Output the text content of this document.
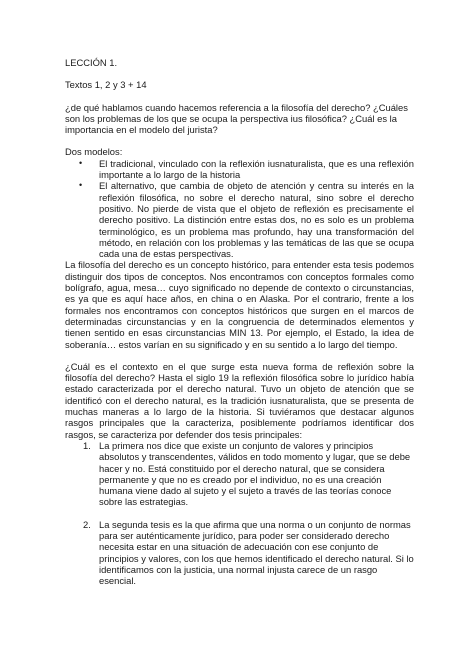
LECCIÓN 1.

Textos 1, 2 y 3 + 14

¿de qué hablamos cuando hacemos referencia a la filosofía del derecho? ¿Cuáles son los problemas de los que se ocupa la perspectiva ius filosófica? ¿Cuál es la importancia en el modelo del jurista?

Dos modelos:

• El tradicional, vinculado con la reflexión iusnaturalista, que es una reflexión importante a lo largo de la historia
• El alternativo, que cambia de objeto de atención y centra su interés en la reflexión filosófica, no sobre el derecho natural, sino sobre el derecho positivo. No pierde de vista que el objeto de reflexión es precisamente el derecho positivo. La distinción entre estas dos, no es solo es un problema terminológico, es un problema mas profundo, hay una transformación del método, en relación con los problemas y las temáticas de las que se ocupa cada una de estas perspectivas.

La filosofía del derecho es un concepto histórico, para entender esta tesis podemos distinguir dos tipos de conceptos. Nos encontramos con conceptos formales como bolígrafo, agua, mesa… cuyo significado no depende de contexto o circunstancias, es ya que es aquí hace años, en china o en Alaska. Por el contrario, frente a los formales nos encontramos con conceptos históricos que surgen en el marcos de determinadas circunstancias y en la congruencia de determinados elementos y tienen sentido en esas circunstancias MIN 13. Por ejemplo, el Estado, la idea de soberanía… estos varían en su significado y en su sentido a lo largo del tiempo.

¿Cuál es el contexto en el que surge esta nueva forma de reflexión sobre la filosofía del derecho? Hasta el siglo 19 la reflexión filosófica sobre lo jurídico había estado caracterizada por el derecho natural. Tuvo un objeto de atención que se identificó con el derecho natural, es la tradición iusnaturalista, que se presenta de muchas maneras a lo largo de la historia. Si tuviéramos que destacar algunos rasgos principales que la caracteriza, posiblemente podríamos identificar dos rasgos, se caracteriza por defender dos tesis principales:

1. La primera nos dice que existe un conjunto de valores y principios absolutos y transcendentes, válidos en todo momento y lugar, que se debe hacer y no. Está constituido por el derecho natural, que se considera permanente y que no es creado por el individuo, no es una creación humana viene dado al sujeto y el sujeto a través de las teorías conoce sobre las estrategias.
2. La segunda tesis es la que afirma que una norma o un conjunto de normas para ser auténticamente jurídico, para poder ser considerado derecho necesita estar en una situación de adecuación con ese conjunto de principios y valores, con los que hemos identificado el derecho natural. Si lo identificamos con la justicia, una normal injusta carece de un rasgo esencial.
